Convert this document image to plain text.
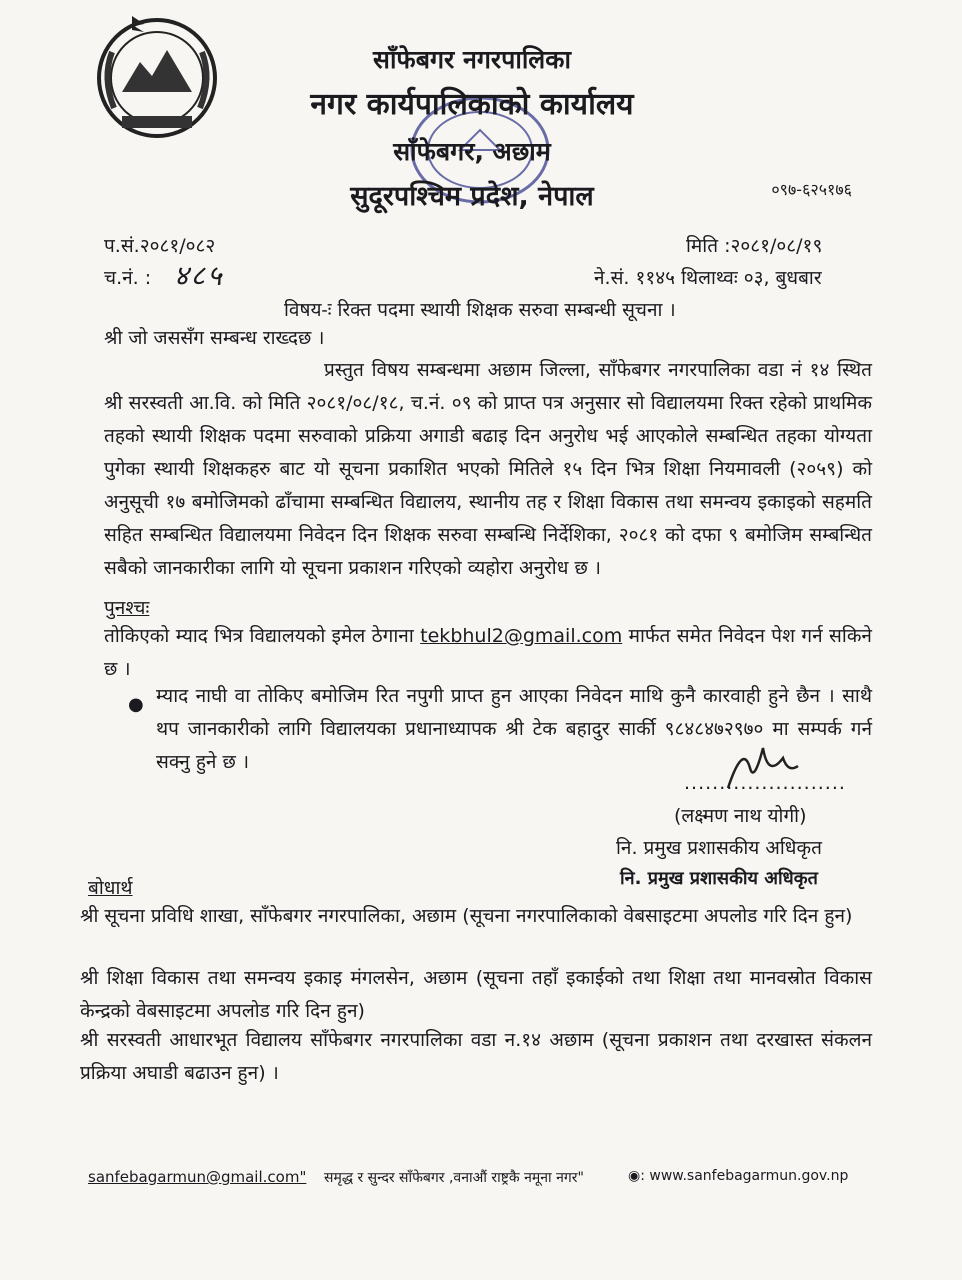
साँफेबगर नगरपालिका
नगर कार्यपालिकाको कार्यालय
साँफेबगर, अछाम
सुदूरपश्चिम प्रदेश, नेपाल	०९७-६२५१७६
प.सं.२०८१/०८२
च.नं. : ४८५
मिति :२०८१/०८/१९
ने.सं. ११४५ थिलाथ्वः ०३, बुधबार
विषय-ः रिक्त पदमा स्थायी शिक्षक सरुवा सम्बन्धी सूचना ।
श्री जो जससँग सम्बन्ध राख्दछ ।
प्रस्तुत विषय सम्बन्धमा अछाम जिल्ला, साँफेबगर नगरपालिका वडा नं १४ स्थित श्री सरस्वती आ.वि. को मिति २०८१/०८/१८, च.नं. ०९ को प्राप्त पत्र अनुसार सो विद्यालयमा रिक्त रहेको प्राथमिक तहको स्थायी शिक्षक पदमा सरुवाको प्रक्रिया अगाडी बढाइ दिन अनुरोध भई आएकोले सम्बन्धित तहका योग्यता पुगेका स्थायी शिक्षकहरु बाट यो सूचना प्रकाशित भएको मितिले १५ दिन भित्र शिक्षा नियमावली (२०५९) को अनुसूची १७ बमोजिमको ढाँचामा सम्बन्धित विद्यालय, स्थानीय तह र शिक्षा विकास तथा समन्वय इकाइको सहमति सहित सम्बन्धित विद्यालयमा निवेदन दिन शिक्षक सरुवा सम्बन्धि निर्देशिका, २०८१ को दफा ९ बमोजिम सम्बन्धित सबैको जानकारीका लागि यो सूचना प्रकाशन गरिएको व्यहोरा अनुरोध छ ।
पुनश्चः
तोकिएको म्याद भित्र विद्यालयको इमेल ठेगाना tekbhul2@gmail.com मार्फत समेत निवेदन पेश गर्न सकिने छ ।
● म्याद नाघी वा तोकिए बमोजिम रित नपुगी प्राप्त हुन आएका निवेदन माथि कुनै कारवाही हुने छैन । साथै थप जानकारीको लागि विद्यालयका प्रधानाध्यापक श्री टेक बहादुर सार्की ९८४८४७२९७० मा सम्पर्क गर्न सक्नु हुने छ ।
.......................
(लक्ष्मण नाथ योगी)
नि. प्रमुख प्रशासकीय अधिकृत
नि. प्रमुख प्रशासकीय अधिकृत
बोधार्थ
श्री सूचना प्रविधि शाखा, साँफेबगर नगरपालिका, अछाम (सूचना नगरपालिकाको वेबसाइटमा अपलोड गरि दिन हुन)
श्री शिक्षा विकास तथा समन्वय इकाइ मंगलसेन, अछाम (सूचना तहाँ इकाईको तथा शिक्षा तथा मानवस्रोत विकास केन्द्रको वेबसाइटमा अपलोड गरि दिन हुन)
श्री सरस्वती आधारभूत विद्यालय साँफेबगर नगरपालिका वडा न.१४ अछाम (सूचना प्रकाशन तथा दरखास्त संकलन प्रक्रिया अघाडी बढाउन हुन) ।
sanfebagarmun@gmail.com" समृद्ध र सुन्दर साँफेबगर ,वनाऔं राष्ट्रकै नमूना नगर"	◉: www.sanfebagarmun.gov.np
